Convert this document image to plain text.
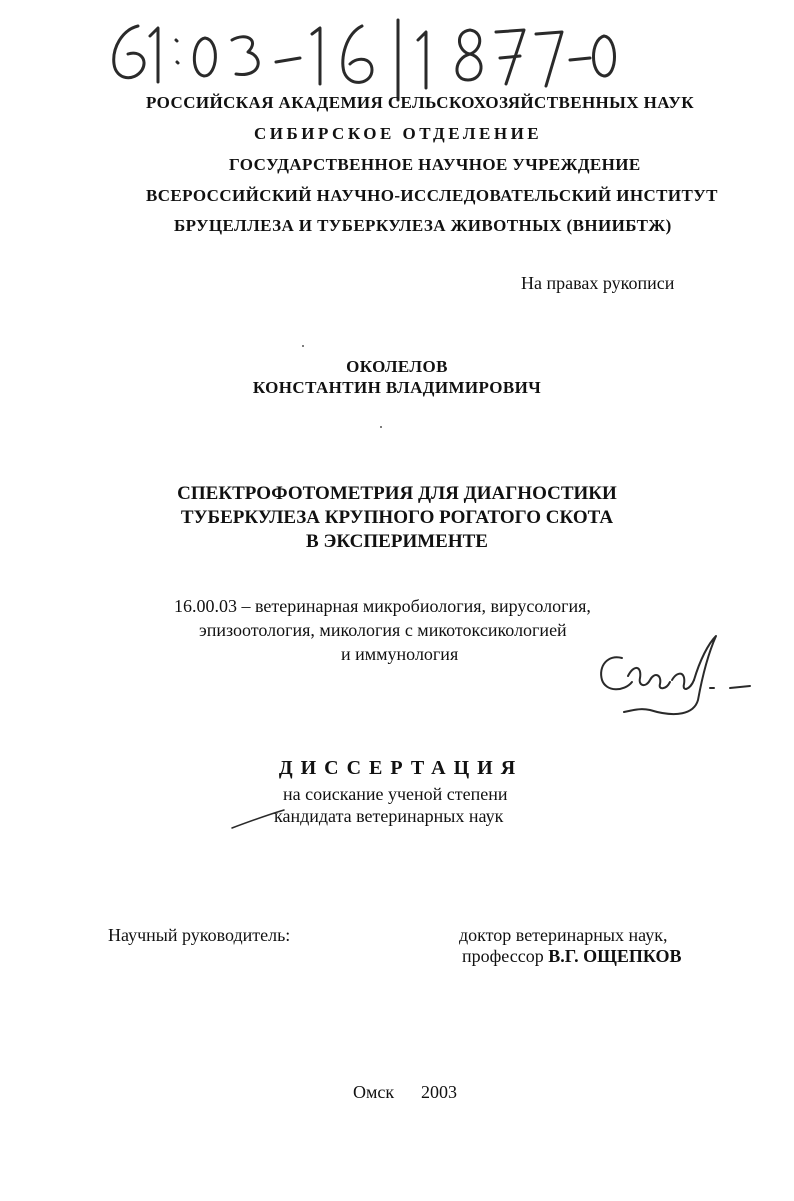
РОССИЙСКАЯ АКАДЕМИЯ СЕЛЬСКОХОЗЯЙСТВЕННЫХ НАУК
СИБИРСКОЕ ОТДЕЛЕНИЕ
ГОСУДАРСТВЕННОЕ НАУЧНОЕ УЧРЕЖДЕНИЕ
ВСЕРОССИЙСКИЙ НАУЧНО-ИССЛЕДОВАТЕЛЬСКИЙ ИНСТИТУТ
БРУЦЕЛЛЕЗА И ТУБЕРКУЛЕЗА ЖИВОТНЫХ (ВНИИБТЖ)
На правах рукописи
ОКОЛЕЛОВ
КОНСТАНТИН ВЛАДИМИРОВИЧ
СПЕКТРОФОТОМЕТРИЯ ДЛЯ ДИАГНОСТИКИ
ТУБЕРКУЛЕЗА КРУПНОГО РОГАТОГО СКОТА
В ЭКСПЕРИМЕНТЕ
16.00.03 – ветеринарная микробиология, вирусология,
эпизоотология, микология с микотоксикологией
и иммунология
ДИССЕРТАЦИЯ
на соискание ученой степени
кандидата ветеринарных наук
Научный руководитель:	доктор ветеринарных наук,
профессор В.Г. ОЩЕПКОВ
Омск 2003
